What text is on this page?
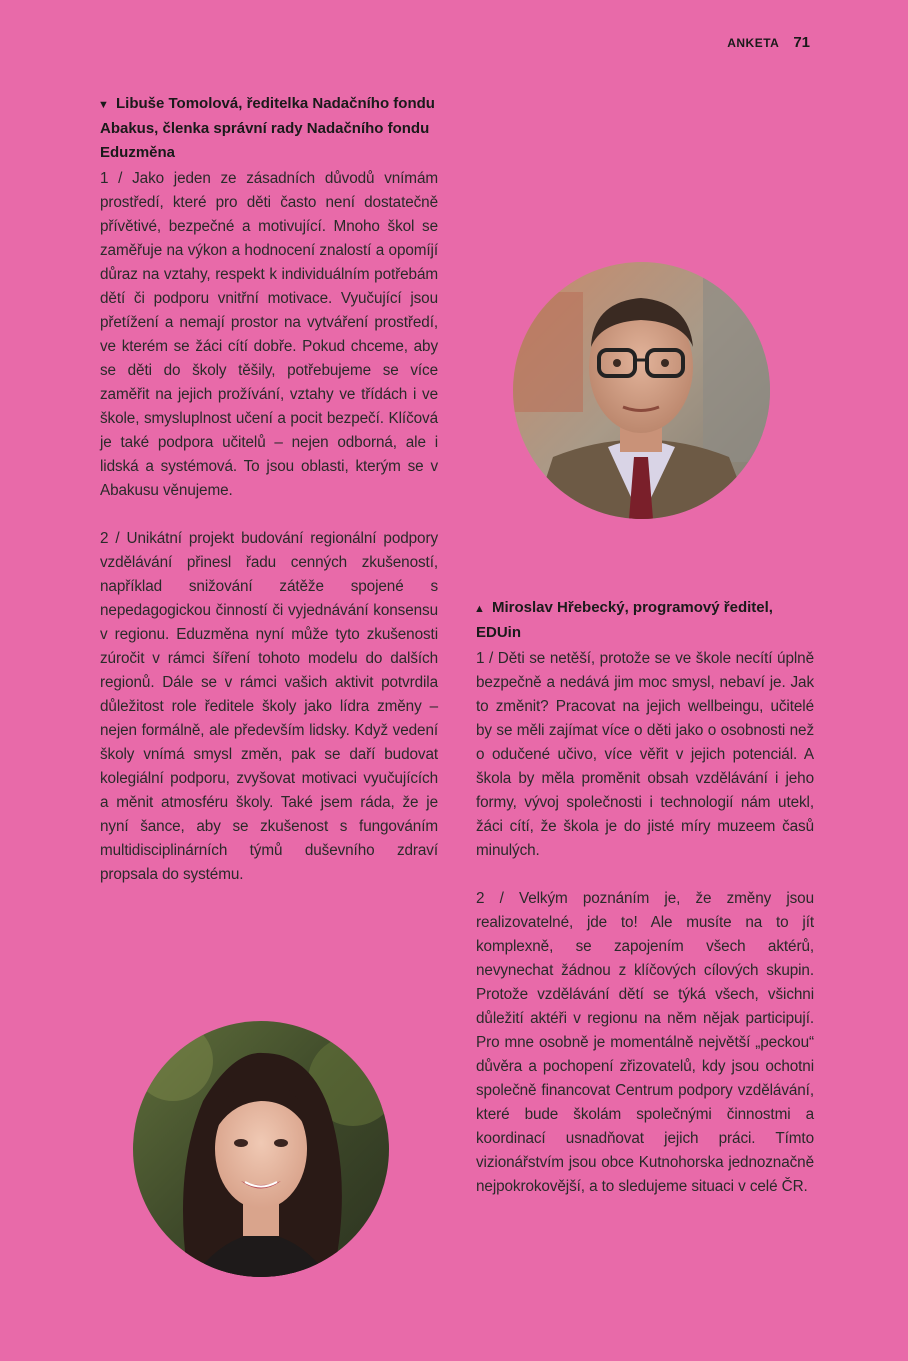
ANKETA 71

▼ Libuše Tomolová, ředitelka Nadačního fondu Abakus, členka správní rady Nadačního fondu Eduzměna

1 / Jako jeden ze zásadních důvodů vnímám prostředí, které pro děti často není dostatečně přívětivé, bezpečné a motivující. Mnoho škol se zaměřuje na výkon a hodnocení znalostí a opomíjí důraz na vztahy, respekt k individuálním potřebám dětí či podporu vnitřní motivace. Vyučující jsou přetížení a nemají prostor na vytváření prostředí, ve kterém se žáci cítí dobře. Pokud chceme, aby se děti do školy těšily, potřebujeme se více zaměřit na jejich prožívání, vztahy ve třídách i ve škole, smysluplnost učení a pocit bezpečí. Klíčová je také podpora učitelů – nejen odborná, ale i lidská a systémová. To jsou oblasti, kterým se v Abakusu věnujeme.

2 / Unikátní projekt budování regionální podpory vzdělávání přinesl řadu cenných zkušeností, například snižování zátěže spojené s nepedagogickou činností či vyjednávání konsensu v regionu. Eduzměna nyní může tyto zkušenosti zúročit v rámci šíření tohoto modelu do dalších regionů. Dále se v rámci vašich aktivit potvrdila důležitost role ředitele školy jako lídra změny – nejen formálně, ale především lidsky. Když vedení školy vnímá smysl změn, pak se daří budovat kolegiální podporu, zvyšovat motivaci vyučujících a měnit atmosféru školy. Také jsem ráda, že je nyní šance, aby se zkušenost s fungováním multidisciplinárních týmů duševního zdraví propsala do systému.

▲ Miroslav Hřebecký, programový ředitel, EDUin

1 / Děti se netěší, protože se ve škole necítí úplně bezpečně a nedává jim moc smysl, nebaví je. Jak to změnit? Pracovat na jejich wellbeingu, učitelé by se měli zajímat více o děti jako o osobnosti než o odučené učivo, více věřit v jejich potenciál. A škola by měla proměnit obsah vzdělávání i jeho formy, vývoj společnosti i technologií nám utekl, žáci cítí, že škola je do jisté míry muzeem časů minulých.

2 / Velkým poznáním je, že změny jsou realizovatelné, jde to! Ale musíte na to jít komplexně, se zapojením všech aktérů, nevynechat žádnou z klíčových cílových skupin. Protože vzdělávání dětí se týká všech, všichni důležití aktéři v regionu na něm nějak participují. Pro mne osobně je momentálně největší „peckou“ důvěra a pochopení zřizovatelů, kdy jsou ochotni společně financovat Centrum podpory vzdělávání, které bude školám společnými činnostmi a koordinací usnadňovat jejich práci. Tímto vizionářstvím jsou obce Kutnohorska jednoznačně nejpokrokovější, a to sledujeme situaci v celé ČR.
